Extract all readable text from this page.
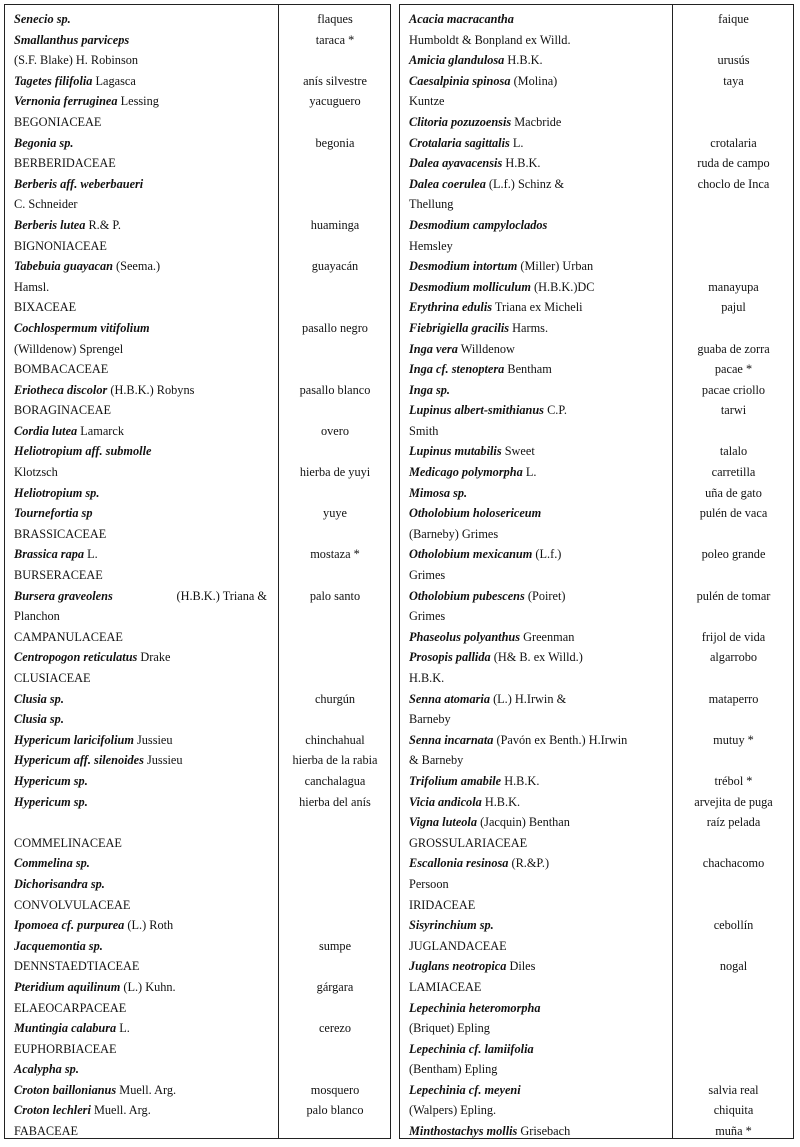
Senecio sp.	flaques
Smallanthus parviceps	taraca *
(S.F. Blake) H. Robinson
Tagetes filifolia Lagasca	anís silvestre
Vernonia ferruginea Lessing	yacuguero
BEGONIACEAE
Begonia sp.	begonia
BERBERIDACEAE
Berberis aff. weberbaueri
C. Schneider
Berberis lutea R.& P.	huaminga
BIGNONIACEAE
Tabebuia guayacan (Seema.)	guayacán
Hamsl.
BIXACEAE
Cochlospermum vitifolium	pasallo negro
(Willdenow) Sprengel
BOMBACACEAE
Eriotheca discolor (H.B.K.) Robyns	pasallo blanco
BORAGINACEAE
Cordia lutea Lamarck	overo
Heliotropium aff. submolle
Klotzsch	hierba de yuyi
Heliotropium sp.
Tournefortia sp	yuye
BRASSICACEAE
Brassica rapa L.	mostaza *
BURSERACEAE
Bursera graveolens	(H.B.K.) Triana &	palo santo
Planchon
CAMPANULACEAE
Centropogon reticulatus Drake
CLUSIACEAE
Clusia sp.	churgún
Clusia sp.
Hypericum laricifolium Jussieu	chinchahual
Hypericum aff. silenoides Jussieu	hierba de la rabia
Hypericum sp.	canchalagua
Hypericum sp.	hierba del anís
COMMELINACEAE
Commelina sp.
Dichorisandra sp.
CONVOLVULACEAE
Ipomoea cf. purpurea (L.) Roth
Jacquemontia sp.	sumpe
DENNSTAEDTIACEAE
Pteridium aquilinum (L.) Kuhn.	gárgara
ELAEOCARPACEAE
Muntingia calabura L.	cerezo
EUPHORBIACEAE
Acalypha sp.
Croton baillonianus Muell. Arg.	mosquero
Croton lechleri Muell. Arg.	palo blanco
FABACEAE
Acacia macracantha	faique
Humboldt & Bonpland ex Willd.
Amicia glandulosa H.B.K.	urusús
Caesalpinia spinosa (Molina)	taya
Kuntze
Clitoria pozuzoensis Macbride
Crotalaria sagittalis L.	crotalaria
Dalea ayavacensis H.B.K.	ruda de campo
Dalea coerulea (L.f.) Schinz &	choclo de Inca
Thellung
Desmodium campyloclados
Hemsley
Desmodium intortum (Miller) Urban
Desmodium molliculum (H.B.K.)DC	manayupa
Erythrina edulis Triana ex Micheli	pajul
Fiebrigiella gracilis Harms.
Inga vera Willdenow	guaba de zorra
Inga cf. stenoptera Bentham	pacae *
Inga sp.	pacae criollo
Lupinus albert-smithianus C.P.	tarwi
Smith
Lupinus mutabilis Sweet	talalo
Medicago polymorpha L.	carretilla
Mimosa sp.	uña de gato
Otholobium holosericeum	pulén de vaca
(Barneby) Grimes
Otholobium mexicanum (L.f.)	poleo grande
Grimes
Otholobium pubescens (Poiret)	pulén de tomar
Grimes
Phaseolus polyanthus Greenman	frijol de vida
Prosopis pallida (H& B. ex Willd.)	algarrobo
H.B.K.
Senna atomaria (L.) H.Irwin &	mataperro
Barneby
Senna incarnata (Pavón ex Benth.) H.Irwin	mutuy *
& Barneby
Trifolium amabile H.B.K.	trébol *
Vicia andicola H.B.K.	arvejita de puga
Vigna luteola (Jacquin) Benthan	raíz pelada
GROSSULARIACEAE
Escallonia resinosa (R.&P.)	chachacomo
Persoon
IRIDACEAE
Sisyrinchium sp.	cebollín
JUGLANDACEAE
Juglans neotropica Diles	nogal
LAMIACEAE
Lepechinia heteromorpha
(Briquet) Epling
Lepechinia cf. lamiifolia
(Bentham) Epling
Lepechinia cf. meyeni	salvia real
(Walpers) Epling.	chiquita
Minthostachys mollis Grisebach	muña *
